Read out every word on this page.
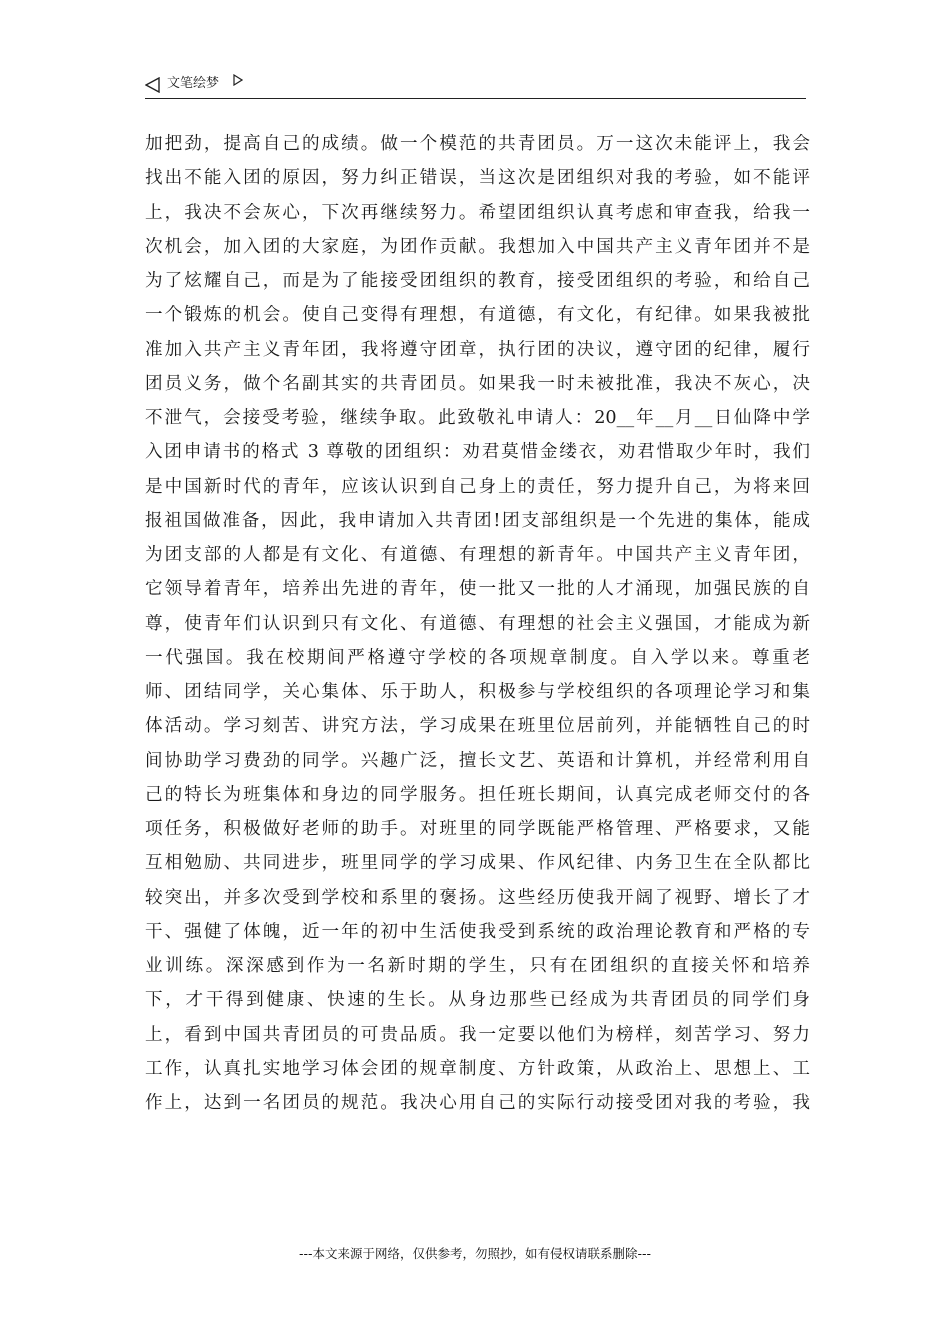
文笔绘梦
加把劲，提高自己的成绩。做一个模范的共青团员。万一这次未能评上，我会
找出不能入团的原因，努力纠正错误，当这次是团组织对我的考验，如不能评
上，我决不会灰心，下次再继续努力。希望团组织认真考虑和审查我，给我一
次机会，加入团的大家庭，为团作贡献。我想加入中国共产主义青年团并不是
为了炫耀自己，而是为了能接受团组织的教育，接受团组织的考验，和给自己
一个锻炼的机会。使自己变得有理想，有道德，有文化，有纪律。如果我被批
准加入共产主义青年团，我将遵守团章，执行团的决议，遵守团的纪律，履行
团员义务，做个名副其实的共青团员。如果我一时未被批准，我决不灰心，决
不泄气，会接受考验，继续争取。此致敬礼申请人：20__年__月__日仙降中学
入团申请书的格式 3 尊敬的团组织：劝君莫惜金缕衣，劝君惜取少年时，我们
是中国新时代的青年，应该认识到自己身上的责任，努力提升自己，为将来回
报祖国做准备，因此，我申请加入共青团!团支部组织是一个先进的集体，能成
为团支部的人都是有文化、有道德、有理想的新青年。中国共产主义青年团，
它领导着青年，培养出先进的青年，使一批又一批的人才涌现，加强民族的自
尊，使青年们认识到只有文化、有道德、有理想的社会主义强国，才能成为新
一代强国。我在校期间严格遵守学校的各项规章制度。自入学以来。尊重老
师、团结同学，关心集体、乐于助人，积极参与学校组织的各项理论学习和集
体活动。学习刻苦、讲究方法，学习成果在班里位居前列，并能牺牲自己的时
间协助学习费劲的同学。兴趣广泛，擅长文艺、英语和计算机，并经常利用自
己的特长为班集体和身边的同学服务。担任班长期间，认真完成老师交付的各
项任务，积极做好老师的助手。对班里的同学既能严格管理、严格要求，又能
互相勉励、共同进步，班里同学的学习成果、作风纪律、内务卫生在全队都比
较突出，并多次受到学校和系里的褒扬。这些经历使我开阔了视野、增长了才
干、强健了体魄，近一年的初中生活使我受到系统的政治理论教育和严格的专
业训练。深深感到作为一名新时期的学生，只有在团组织的直接关怀和培养
下，才干得到健康、快速的生长。从身边那些已经成为共青团员的同学们身
上，看到中国共青团员的可贵品质。我一定要以他们为榜样，刻苦学习、努力
工作，认真扎实地学习体会团的规章制度、方针政策，从政治上、思想上、工
作上，达到一名团员的规范。我决心用自己的实际行动接受团对我的考验，我
---本文来源于网络，仅供参考，勿照抄，如有侵权请联系删除---
